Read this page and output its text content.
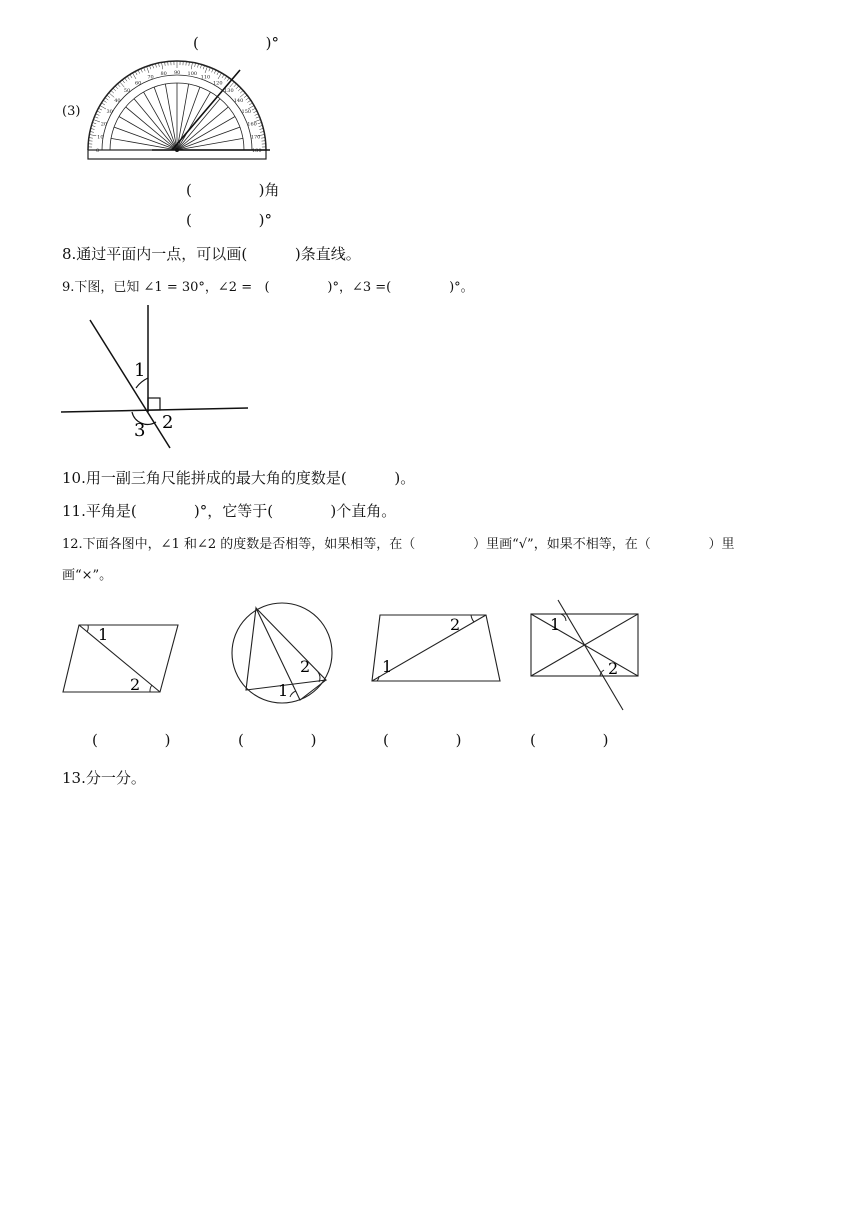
(              )°
(3)
180
170
160
150
140
130
120
110
100
90
80
70
60
50
40
30
20
10
0
(              )角
(              )°
8.通过平面内一点，可以画(          )条直线。
9.下图，已知 ∠1 = 30°，∠2 =   (              )°，∠3 =(              )°。
1
2
3
10.用一副三角尺能拼成的最大角的度数是(          )。
11.平角是(            )°，它等于(            )个直角。
12.下面各图中，∠1 和∠2 的度数是否相等，如果相等，在（              ）里画“√”，如果不相等，在（              ）里
画“×”。
1
2
2
1
2
1
1
2
(              )	(              )	(              )	(              )
13.分一分。
